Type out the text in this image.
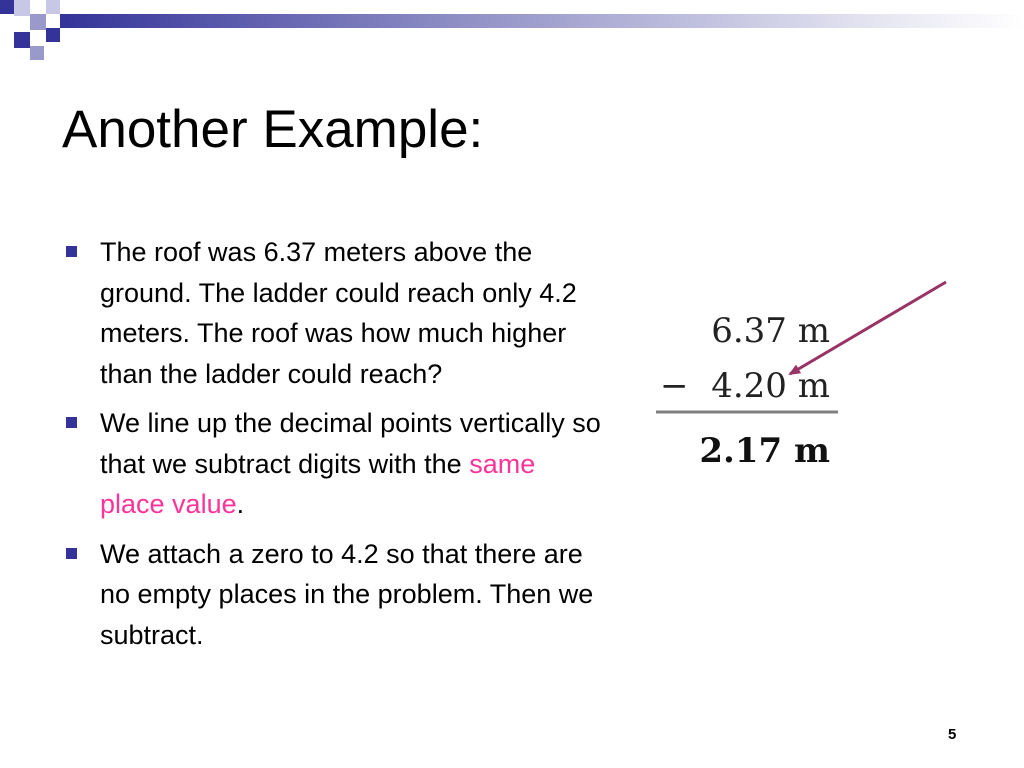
Another Example:
The roof was 6.37 meters above the ground. The ladder could reach only 4.2 meters. The roof was how much higher than the ladder could reach?
We line up the decimal points vertically so that we subtract digits with the same place value.
We attach a zero to 4.2 so that there are no empty places in the problem. Then we subtract.
6.37 m
− 4.20 m
2.17 m
5
